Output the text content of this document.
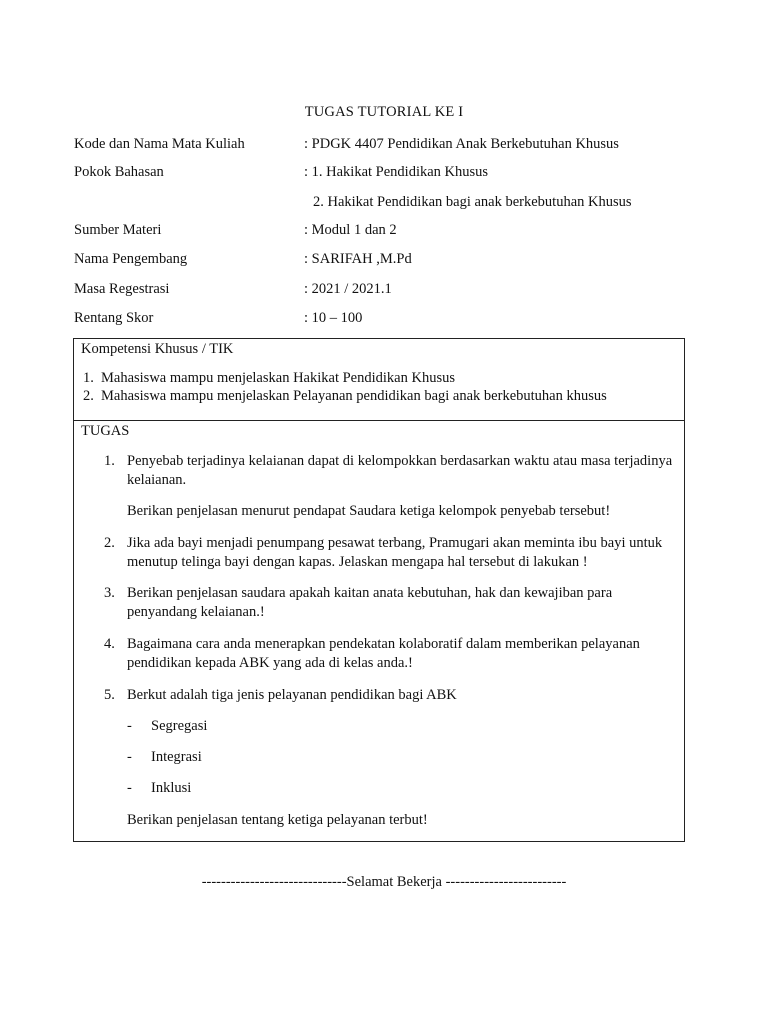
TUGAS TUTORIAL KE I
Kode dan Nama Mata Kuliah	: PDGK 4407 Pendidikan Anak Berkebutuhan Khusus
Pokok Bahasan	: 1. Hakikat Pendidikan Khusus
2. Hakikat Pendidikan bagi anak berkebutuhan Khusus
Sumber Materi	: Modul 1 dan 2
Nama Pengembang	: SARIFAH ,M.Pd
Masa Regestrasi	: 2021 / 2021.1
Rentang Skor	: 10 – 100
Kompetensi Khusus / TIK
1. Mahasiswa mampu menjelaskan Hakikat Pendidikan Khusus
2. Mahasiswa mampu menjelaskan Pelayanan pendidikan bagi anak berkebutuhan khusus
TUGAS
1. Penyebab terjadinya kelaianan dapat di kelompokkan berdasarkan waktu atau masa terjadinya kelaianan.
Berikan penjelasan menurut pendapat Saudara ketiga kelompok penyebab tersebut!
2. Jika ada bayi menjadi penumpang pesawat terbang, Pramugari akan meminta ibu bayi untuk menutup telinga bayi dengan kapas. Jelaskan mengapa hal tersebut di lakukan !
3. Berikan penjelasan saudara apakah kaitan anata kebutuhan, hak dan kewajiban para penyandang kelaianan.!
4. Bagaimana cara anda menerapkan pendekatan kolaboratif dalam memberikan pelayanan pendidikan kepada ABK yang ada di kelas anda.!
5. Berkut adalah tiga jenis pelayanan pendidikan bagi ABK
- Segregasi
- Integrasi
- Inklusi
Berikan penjelasan tentang ketiga pelayanan terbut!
------------------------------Selamat Bekerja -------------------------
